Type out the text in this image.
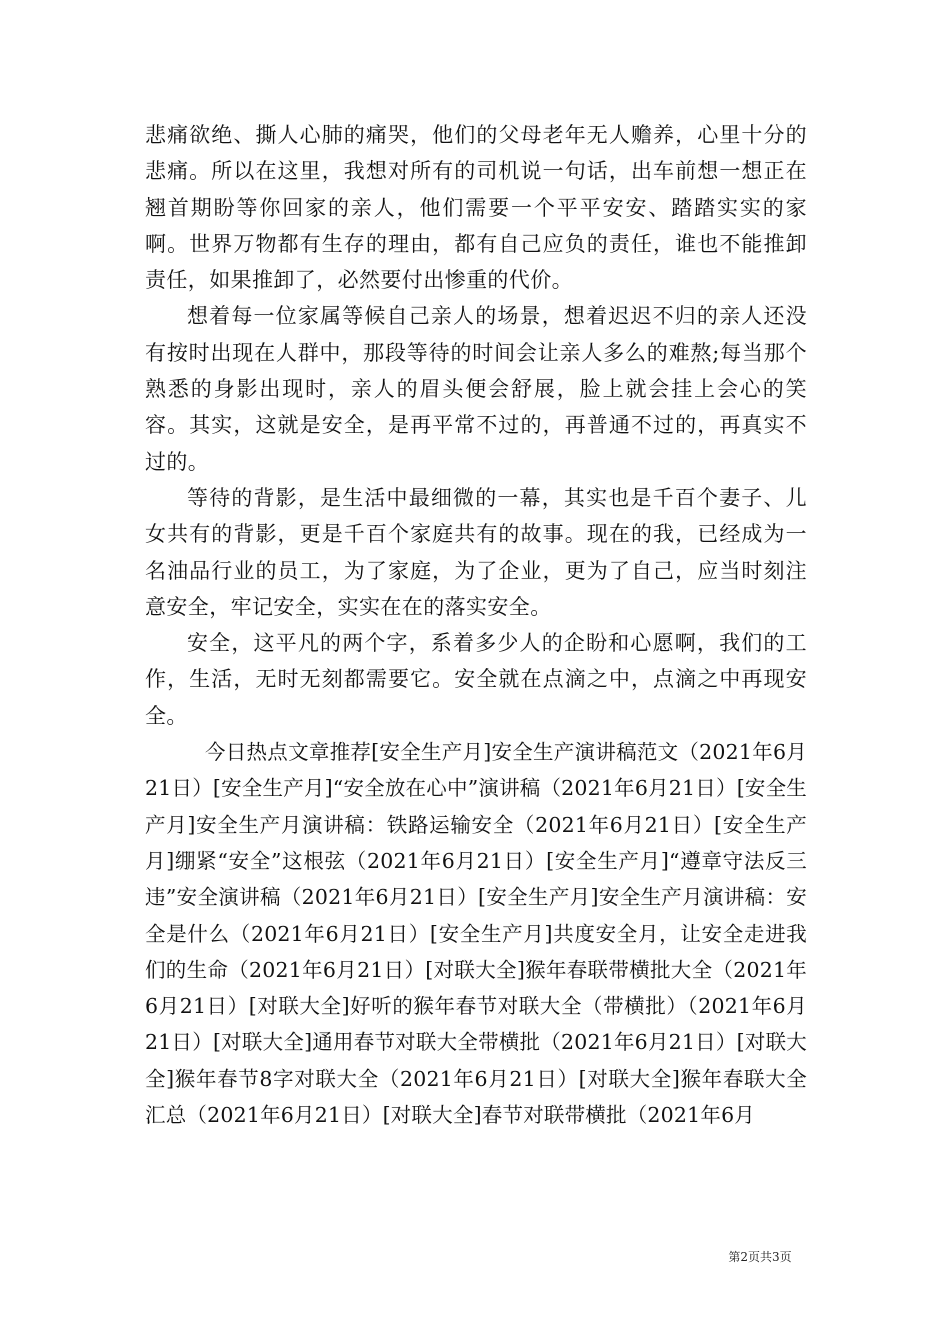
悲痛欲绝、撕人心肺的痛哭，他们的父母老年无人赡养，心里十分的悲痛。所以在这里，我想对所有的司机说一句话，出车前想一想正在翘首期盼等你回家的亲人，他们需要一个平平安安、踏踏实实的家啊。世界万物都有生存的理由，都有自己应负的责任，谁也不能推卸责任，如果推卸了，必然要付出惨重的代价。

想着每一位家属等候自己亲人的场景，想着迟迟不归的亲人还没有按时出现在人群中，那段等待的时间会让亲人多么的难熬;每当那个熟悉的身影出现时，亲人的眉头便会舒展，脸上就会挂上会心的笑容。其实，这就是安全，是再平常不过的，再普通不过的，再真实不过的。

等待的背影，是生活中最细微的一幕，其实也是千百个妻子、儿女共有的背影，更是千百个家庭共有的故事。现在的我，已经成为一名油品行业的员工，为了家庭，为了企业，更为了自己，应当时刻注意安全，牢记安全，实实在在的落实安全。

安全，这平凡的两个字，系着多少人的企盼和心愿啊，我们的工作，生活，无时无刻都需要它。安全就在点滴之中，点滴之中再现安全。

今日热点文章推荐[安全生产月]安全生产演讲稿范文（2021年6月21日）[安全生产月]“安全放在心中”演讲稿（2021年6月21日）[安全生产月]安全生产月演讲稿：铁路运输安全（2021年6月21日）[安全生产月]绷紧“安全”这根弦（2021年6月21日）[安全生产月]“遵章守法反三违”安全演讲稿（2021年6月21日）[安全生产月]安全生产月演讲稿：安全是什么（2021年6月21日）[安全生产月]共度安全月，让安全走进我们的生命（2021年6月21日）[对联大全]猴年春联带横批大全（2021年6月21日）[对联大全]好听的猴年春节对联大全（带横批）（2021年6月21日）[对联大全]通用春节对联大全带横批（2021年6月21日）[对联大全]猴年春节8字对联大全（2021年6月21日）[对联大全]猴年春联大全汇总（2021年6月21日）[对联大全]春节对联带横批（2021年6月

第2页共3页
